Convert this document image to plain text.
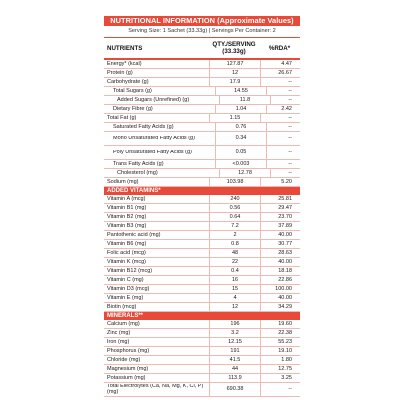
NUTRITIONAL INFORMATION (Approximate Values)
Serving Size: 1 Sachet (33.33g) | Servings Per Container: 2
NUTRIENTS	QTY./SERVING
(33.33g)	%RDA*
Energy* (kcal)	127.87	4.47
Protein (g)	12	26.67
Carbohydrate (g)	17.9	--
Total Sugars (g)	14.55	--
Added Sugars (Unrefined) (g)	11.8	--
Dietary Fibre (g)	1.04	2.42
Total Fat (g)	1.15	--
Saturated Fatty Acids (g)	0.76	--
Mono Unsaturated Fatty Acids (g)	0.34	--
Poly Unsaturated Fatty Acids (g)	0.05	--
Trans Fatty Acids (g)	<0.003	--
Cholesterol (mg)	12.78	--
Sodium (mg)	103.98	5.20
ADDED VITAMINS*
Vitamin A (mcg)	240	25.81
Vitamin B1 (mg)	0.56	29.47
Vitamin B2 (mg)	0.64	23.70
Vitamin B3 (mg)	7.2	37.89
Pantothenic acid (mg)	2	40.00
Vitamin B6 (mg)	0.8	30.77
Folic acid (mcg)	48	28.63
Vitamin K (mcg)	22	40.00
Vitamin B12 (mcg)	0.4	18.18
Vitamin C (mg)	16	22.86
Vitamin D3 (mcg)	15	100.00
Vitamin E (mg)	4	40.00
Biotin (mcg)	12	34.29
MINERALS**
Calcium (mg)	196	19.60
Zinc (mg)	3.2	22.38
Iron (mg)	12.15	55.23
Phosphorus (mg)	191	19.10
Chloride (mg)	41.5	1.80
Magnesium (mg)	44	12.75
Potassium (mg)	113.9	3.25
Total Electrolytes (Ca, Na, Mg, K, Cl, P) (mg)	690.38	--
